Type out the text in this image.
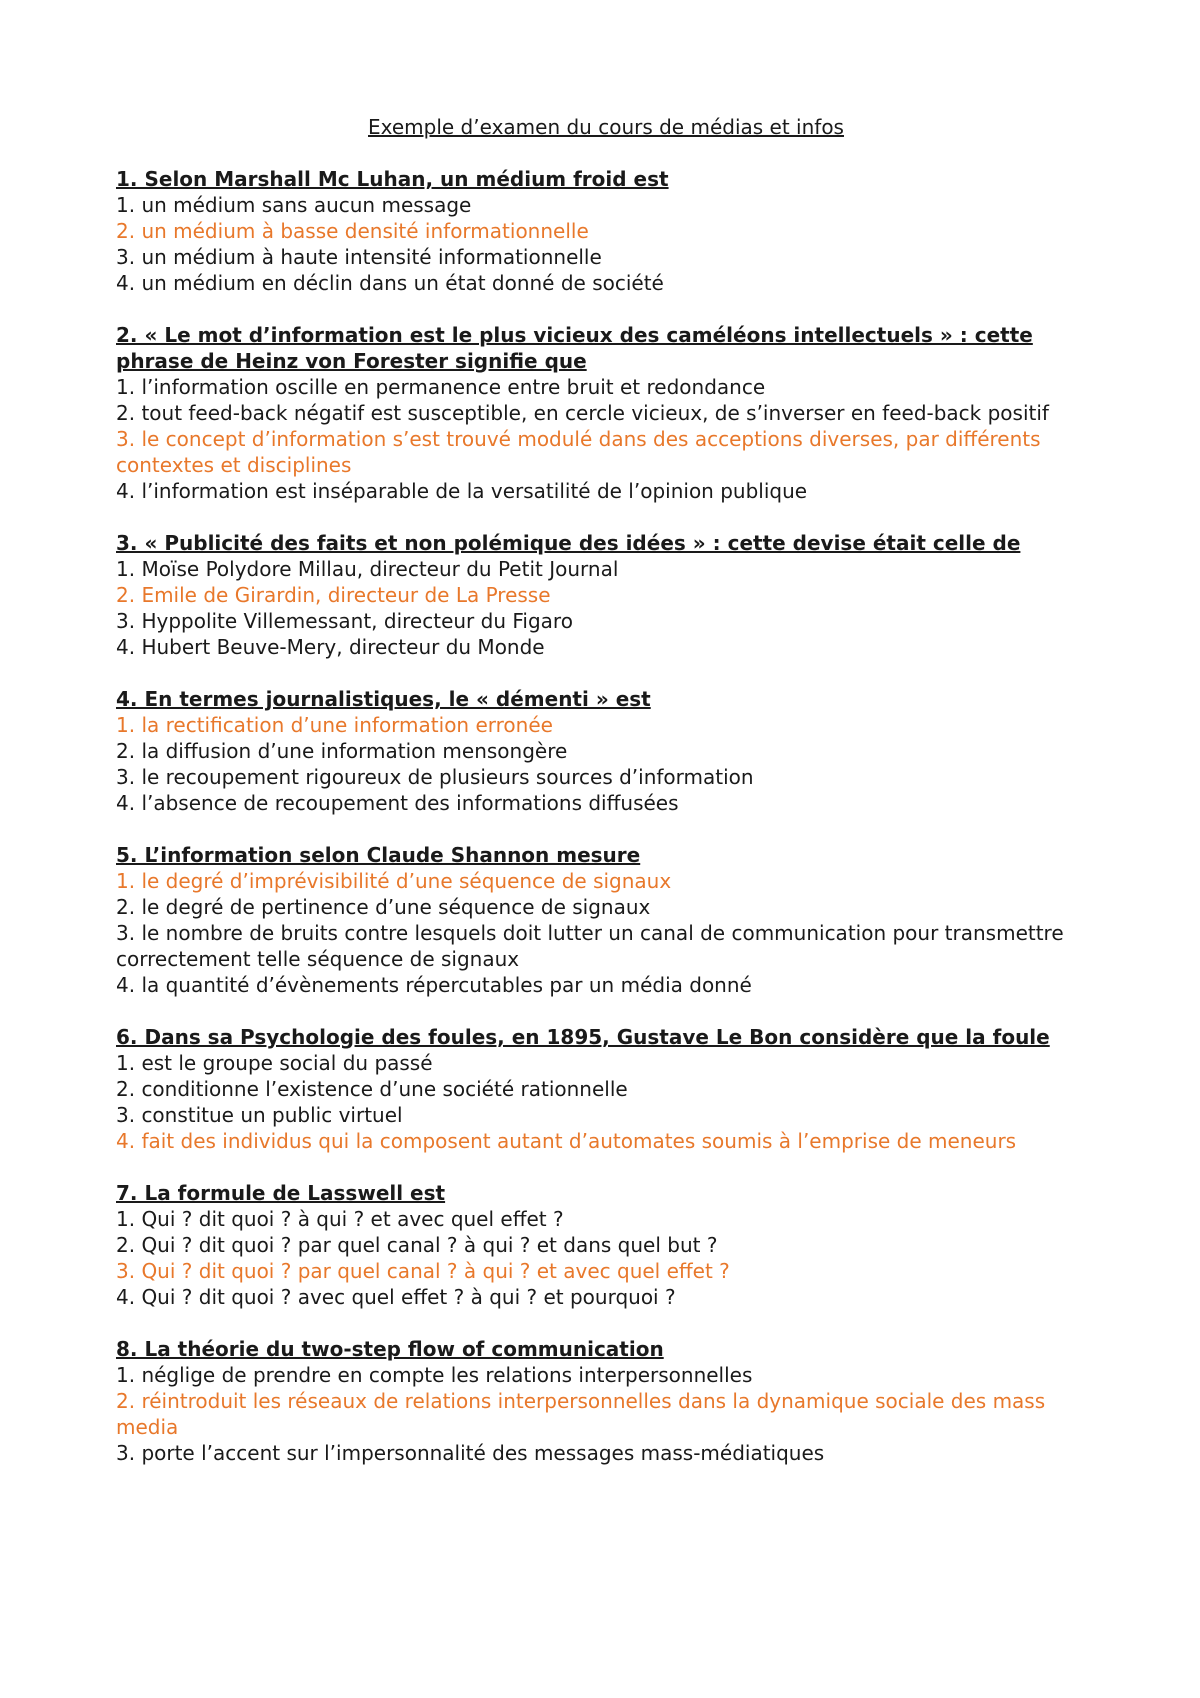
Exemple d’examen du cours de médias et infos
1. Selon Marshall Mc Luhan, un médium froid est
1. un médium sans aucun message
2. un médium à basse densité informationnelle
3. un médium à haute intensité informationnelle
4. un médium en déclin dans un état donné de société
2. « Le mot d’information est le plus vicieux des caméléons intellectuels » : cette phrase de Heinz von Forester signifie que
1. l’information oscille en permanence entre bruit et redondance
2. tout feed-back négatif est susceptible, en cercle vicieux, de s’inverser en feed-back positif
3. le concept d’information s’est trouvé modulé dans des acceptions diverses, par différents contextes et disciplines
4. l’information est inséparable de la versatilité de l’opinion publique
3. « Publicité des faits et non polémique des idées » : cette devise était celle de
1. Moïse Polydore Millau, directeur du Petit Journal
2. Emile de Girardin, directeur de La Presse
3. Hyppolite Villemessant, directeur du Figaro
4. Hubert Beuve-Mery, directeur du Monde
4. En termes journalistiques, le « démenti » est
1. la rectification d’une information erronée
2. la diffusion d’une information mensongère
3. le recoupement rigoureux de plusieurs sources d’information
4. l’absence de recoupement des informations diffusées
5. L’information selon Claude Shannon mesure
1. le degré d’imprévisibilité d’une séquence de signaux
2. le degré de pertinence d’une séquence de signaux
3. le nombre de bruits contre lesquels doit lutter un canal de communication pour transmettre correctement telle séquence de signaux
4. la quantité d’évènements répercutables par un média donné
6. Dans sa Psychologie des foules, en 1895, Gustave Le Bon considère que la foule
1. est le groupe social du passé
2. conditionne l’existence d’une société rationnelle
3. constitue un public virtuel
4. fait des individus qui la composent autant d’automates soumis à l’emprise de meneurs
7. La formule de Lasswell est
1. Qui ? dit quoi ? à qui ? et avec quel effet ?
2. Qui ? dit quoi ? par quel canal ? à qui ? et dans quel but ?
3. Qui ? dit quoi ? par quel canal ? à qui ? et avec quel effet ?
4. Qui ? dit quoi ? avec quel effet ? à qui ? et pourquoi ?
8. La théorie du two-step flow of communication
1. néglige de prendre en compte les relations interpersonnelles
2. réintroduit les réseaux de relations interpersonnelles dans la dynamique sociale des mass media
3. porte l’accent sur l’impersonnalité des messages mass-médiatiques
